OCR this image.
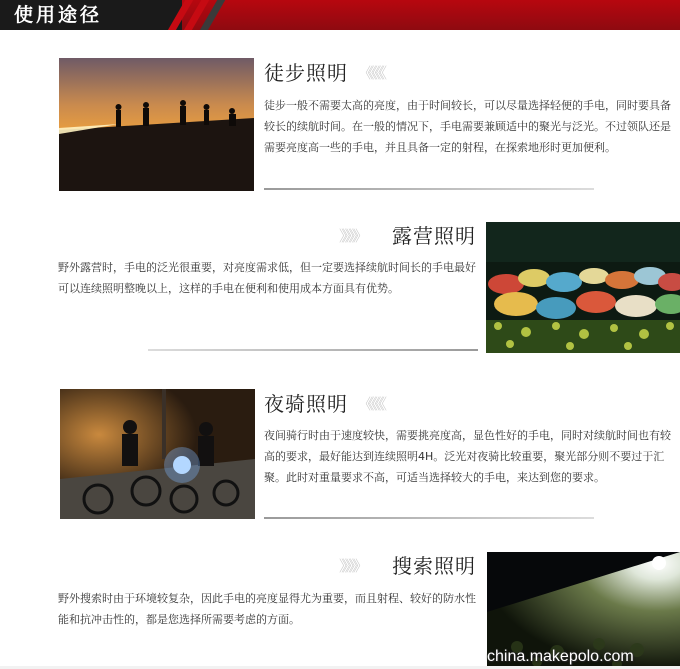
使用途径
徒步照明 《《《《《
徒步一般不需要太高的亮度，由于时间较长，可以尽量选择轻便的手电，同时要具备较长的续航时间。在一般的情况下，手电需要兼顾适中的聚光与泛光。不过领队还是需要亮度高一些的手电，并且具备一定的射程，在探索地形时更加便利。
》》》》》 露营照明
野外露营时，手电的泛光很重要，对亮度需求低，但一定要选择续航时间长的手电最好可以连续照明整晚以上，这样的手电在便利和使用成本方面具有优势。
夜骑照明 《《《《《
夜间骑行时由于速度较快，需要挑亮度高，显色性好的手电，同时对续航时间也有较高的要求，最好能达到连续照明4H。泛光对夜骑比较重要，聚光部分则不要过于汇聚。此时对重量要求不高，可适当选择较大的手电，来达到您的要求。
》》》》》 搜索照明
野外搜索时由于环境较复杂，因此手电的亮度显得尤为重要，而且射程、较好的防水性能和抗冲击性的，都是您选择所需要考虑的方面。
china.makepolo.com
